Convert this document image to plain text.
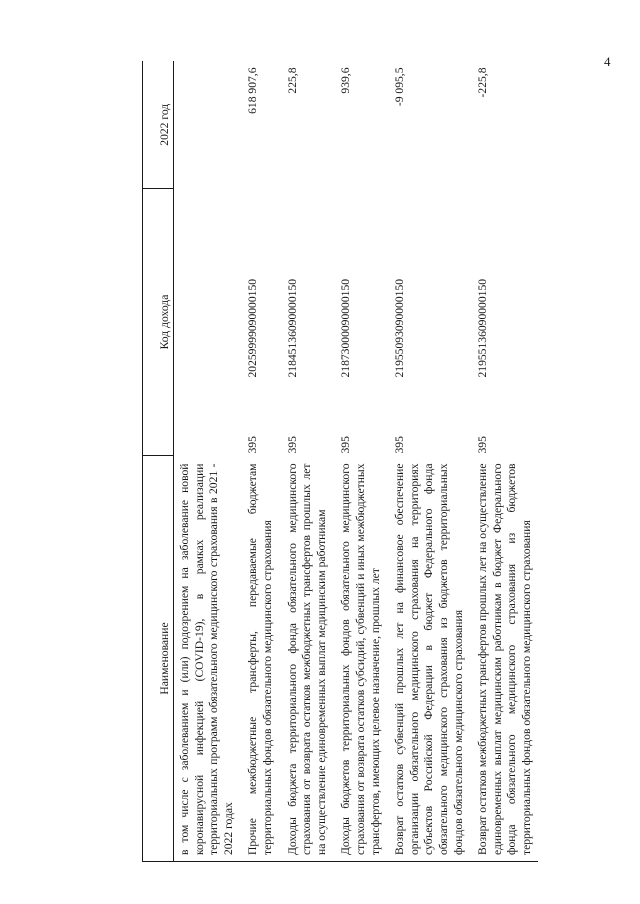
4
Наименование	Код дохода		2022 год

в том числе с заболеванием и (или) подозрением на заболевание новой коронавирусной инфекцией (COVID-19), в рамках реализации территориальных программ обязательного медицинского страхования в 2021 - 2022 годах			
Прочие межбюджетные трансферты, передаваемые бюджетам территориальных фондов обязательного медицинского страхования	395	20259999090000150	618 907,6
Доходы бюджета территориального фонда обязательного медицинского страхования от возврата остатков межбюджетных трансфертов прошлых лет на осуществление единовременных выплат медицинским работникам	395	21845136090000150	225,8
Доходы бюджетов территориальных фондов обязательного медицинского страхования от возврата остатков субсидий, субвенций и иных межбюджетных трансфертов, имеющих целевое назначение, прошлых лет	395	21873000090000150	939,6
Возврат остатков субвенций прошлых лет на финансовое обеспечение организации обязательного медицинского страхования на территориях субъектов Российской Федерации в бюджет Федерального фонда обязательного медицинского страхования из бюджетов территориальных фондов обязательного медицинского страхования	395	21955093090000150	-9 095,5
Возврат остатков межбюджетных трансфертов прошлых лет на осуществление единовременных выплат медицинским работникам в бюджет Федерального фонда обязательного медицинского страхования из бюджетов территориальных фондов обязательного медицинского страхования	395	21955136090000150	-225,8
